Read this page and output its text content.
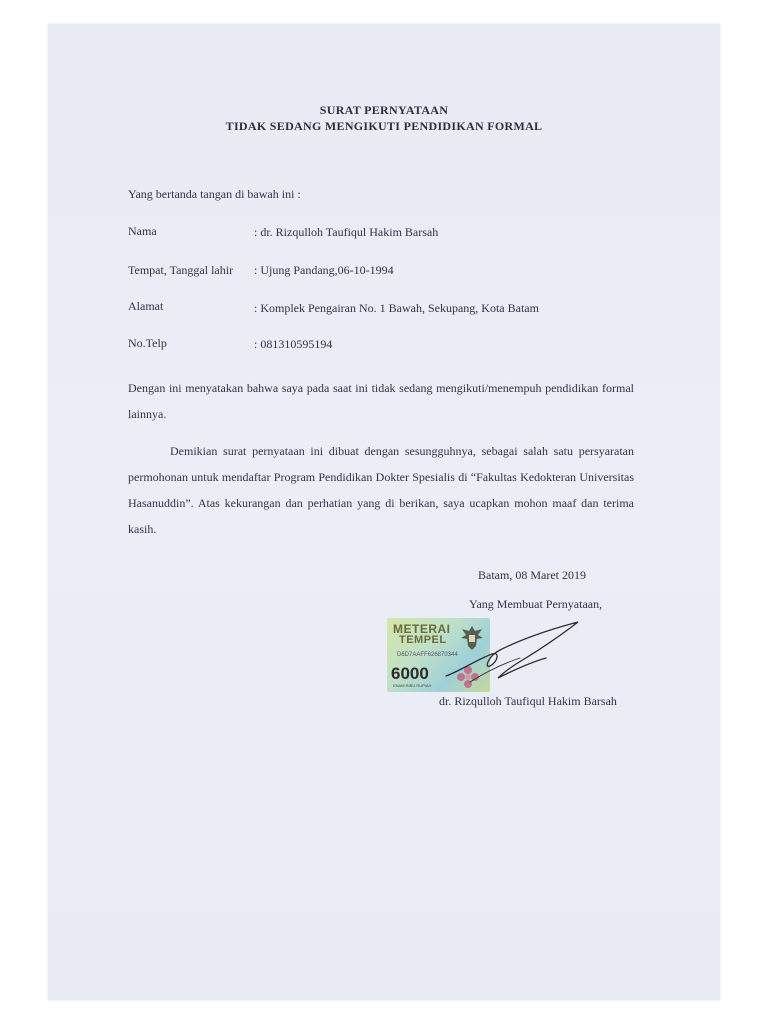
SURAT PERNYATAAN
TIDAK SEDANG MENGIKUTI PENDIDIKAN FORMAL
Yang bertanda tangan di bawah ini :
Nama	: dr. Rizqulloh Taufiqul Hakim Barsah
Tempat, Tanggal lahir : Ujung Pandang,06-10-1994
Alamat	: Komplek Pengairan No. 1 Bawah, Sekupang, Kota Batam
No.Telp	: 081310595194
Dengan ini menyatakan bahwa saya pada saat ini tidak sedang mengikuti/menempuh pendidikan formal lainnya.
Demikian surat pernyataan ini dibuat dengan sesungguhnya, sebagai salah satu persyaratan permohonan untuk mendaftar Program Pendidikan Dokter Spesialis di “Fakultas Kedokteran Universitas Hasanuddin”. Atas kekurangan dan perhatian yang di berikan, saya ucapkan mohon maaf dan terima kasih.
Batam, 08 Maret 2019
Yang Membuat Pernyataan,
METERAI
TEMPEL
D6D7AAFF626870344
6000
ENAM RIBU RUPIAH
dr. Rizqulloh Taufiqul Hakim Barsah
